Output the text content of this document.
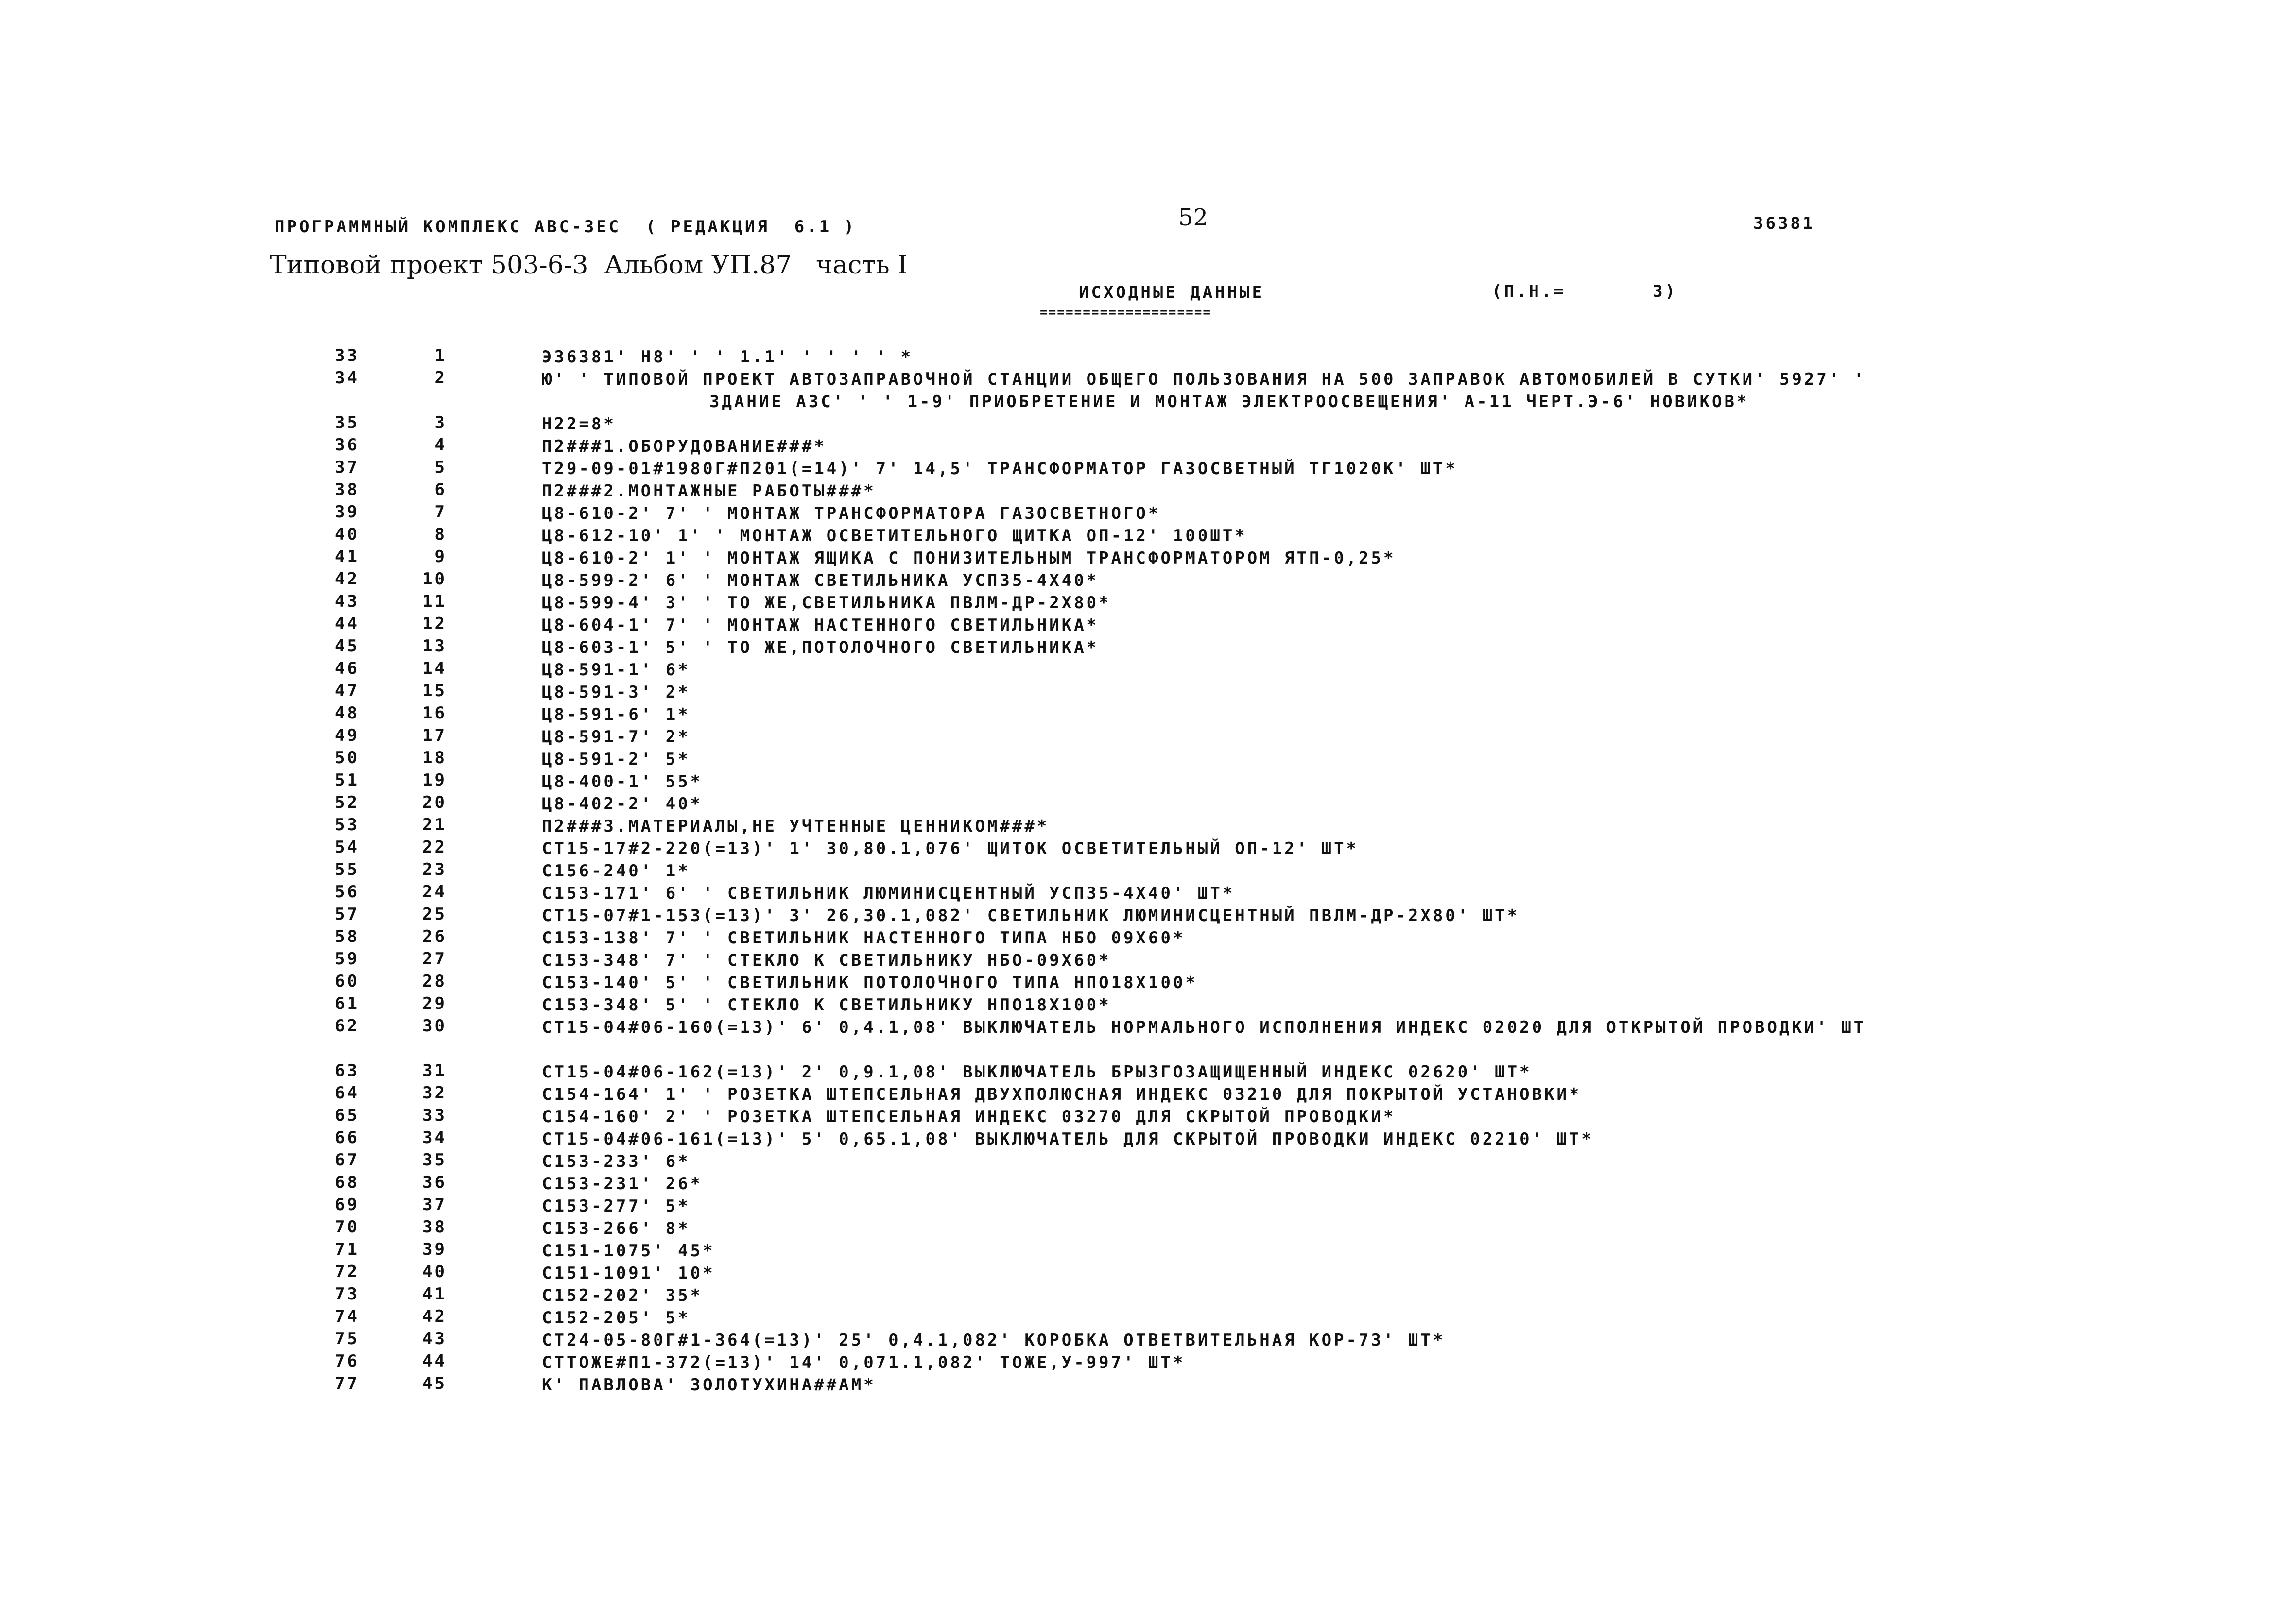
ПРОГРАММНЫЙ КОМПЛЕКС АВС-ЗЕС  ( РЕДАКЦИЯ  6.1 )	52	36381
Типовой проект 503-6-3  Альбом УП.87   часть I
ИСХОДНЫЕ ДАННЫЕ	(П.Н.=       3)
====================
33	1	Э36381' Н8' ' ' 1.1' ' ' ' ' *
34	2	Ю' ' ТИПОВОЙ ПРОЕКТ АВТОЗАПРАВОЧНОЙ СТАНЦИИ ОБЩЕГО ПОЛЬЗОВАНИЯ НА 500 ЗАПРАВОК АВТОМОБИЛЕЙ В СУТКИ' 5927' '
ЗДАНИЕ АЗС' ' ' 1-9' ПРИОБРЕТЕНИЕ И МОНТАЖ ЭЛЕКТРООСВЕЩЕНИЯ' А-11 ЧЕРТ.Э-6' НОВИКОВ*
35	3	Н22=8*
36	4	П2###1.ОБОРУДОВАНИЕ###*
37	5	Т29-09-01#1980Г#П201(=14)' 7' 14,5' ТРАНСФОРМАТОР ГАЗОСВЕТНЫЙ ТГ1020К' ШТ*
38	6	П2###2.МОНТАЖНЫЕ РАБОТЫ###*
39	7	Ц8-610-2' 7' ' МОНТАЖ ТРАНСФОРМАТОРА ГАЗОСВЕТНОГО*
40	8	Ц8-612-10' 1' ' МОНТАЖ ОСВЕТИТЕЛЬНОГО ЩИТКА ОП-12' 100ШТ*
41	9	Ц8-610-2' 1' ' МОНТАЖ ЯЩИКА С ПОНИЗИТЕЛЬНЫМ ТРАНСФОРМАТОРОМ ЯТП-0,25*
42	10	Ц8-599-2' 6' ' МОНТАЖ СВЕТИЛЬНИКА УСП35-4Х40*
43	11	Ц8-599-4' 3' ' ТО ЖЕ,СВЕТИЛЬНИКА ПВЛМ-ДР-2Х80*
44	12	Ц8-604-1' 7' ' МОНТАЖ НАСТЕННОГО СВЕТИЛЬНИКА*
45	13	Ц8-603-1' 5' ' ТО ЖЕ,ПОТОЛОЧНОГО СВЕТИЛЬНИКА*
46	14	Ц8-591-1' 6*
47	15	Ц8-591-3' 2*
48	16	Ц8-591-6' 1*
49	17	Ц8-591-7' 2*
50	18	Ц8-591-2' 5*
51	19	Ц8-400-1' 55*
52	20	Ц8-402-2' 40*
53	21	П2###3.МАТЕРИАЛЫ,НЕ УЧТЕННЫЕ ЦЕННИКОМ###*
54	22	СТ15-17#2-220(=13)' 1' 30,80.1,076' ЩИТОК ОСВЕТИТЕЛЬНЫЙ ОП-12' ШТ*
55	23	С156-240' 1*
56	24	С153-171' 6' ' СВЕТИЛЬНИК ЛЮМИНИСЦЕНТНЫЙ УСП35-4Х40' ШТ*
57	25	СТ15-07#1-153(=13)' 3' 26,30.1,082' СВЕТИЛЬНИК ЛЮМИНИСЦЕНТНЫЙ ПВЛМ-ДР-2Х80' ШТ*
58	26	С153-138' 7' ' СВЕТИЛЬНИК НАСТЕННОГО ТИПА НБО 09Х60*
59	27	С153-348' 7' ' СТЕКЛО К СВЕТИЛЬНИКУ НБО-09Х60*
60	28	С153-140' 5' ' СВЕТИЛЬНИК ПОТОЛОЧНОГО ТИПА НПО18Х100*
61	29	С153-348' 5' ' СТЕКЛО К СВЕТИЛЬНИКУ НПО18Х100*
62	30	СТ15-04#06-160(=13)' 6' 0,4.1,08' ВЫКЛЮЧАТЕЛЬ НОРМАЛЬНОГО ИСПОЛНЕНИЯ ИНДЕКС 02020 ДЛЯ ОТКРЫТОЙ ПРОВОДКИ' ШТ

63	31	СТ15-04#06-162(=13)' 2' 0,9.1,08' ВЫКЛЮЧАТЕЛЬ БРЫЗГОЗАЩИЩЕННЫЙ ИНДЕКС 02620' ШТ*
64	32	С154-164' 1' ' РОЗЕТКА ШТЕПСЕЛЬНАЯ ДВУХПОЛЮСНАЯ ИНДЕКС 03210 ДЛЯ ПОКРЫТОЙ УСТАНОВКИ*
65	33	С154-160' 2' ' РОЗЕТКА ШТЕПСЕЛЬНАЯ ИНДЕКС 03270 ДЛЯ СКРЫТОЙ ПРОВОДКИ*
66	34	СТ15-04#06-161(=13)' 5' 0,65.1,08' ВЫКЛЮЧАТЕЛЬ ДЛЯ СКРЫТОЙ ПРОВОДКИ ИНДЕКС 02210' ШТ*
67	35	С153-233' 6*
68	36	С153-231' 26*
69	37	С153-277' 5*
70	38	С153-266' 8*
71	39	С151-1075' 45*
72	40	С151-1091' 10*
73	41	С152-202' 35*
74	42	С152-205' 5*
75	43	СТ24-05-80Г#1-364(=13)' 25' 0,4.1,082' КОРОБКА ОТВЕТВИТЕЛЬНАЯ КОР-73' ШТ*
76	44	СТТОЖЕ#П1-372(=13)' 14' 0,071.1,082' ТОЖЕ,У-997' ШТ*
77	45	К' ПАВЛОВА' ЗОЛОТУХИНА##АМ*
